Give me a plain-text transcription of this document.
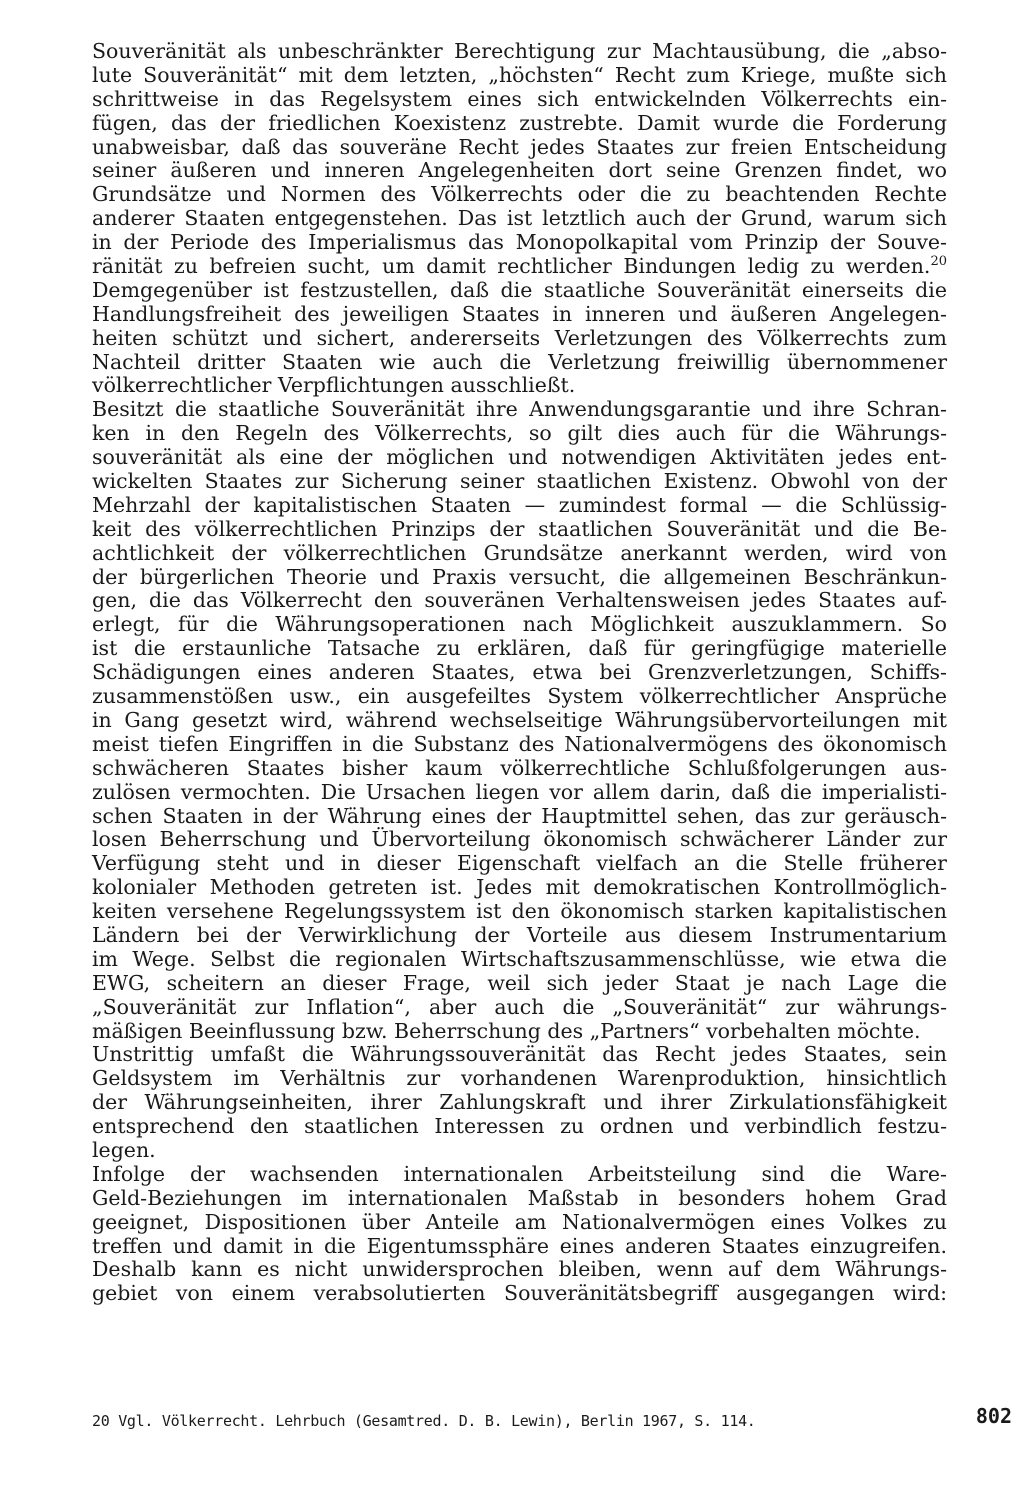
Souveränität als unbeschränkter Berechtigung zur Machtausübung, die „abso-
lute Souveränität“ mit dem letzten, „höchsten“ Recht zum Kriege, mußte sich
schrittweise in das Regelsystem eines sich entwickelnden Völkerrechts ein-
fügen, das der friedlichen Koexistenz zustrebte. Damit wurde die Forderung
unabweisbar, daß das souveräne Recht jedes Staates zur freien Entscheidung
seiner äußeren und inneren Angelegenheiten dort seine Grenzen findet, wo
Grundsätze und Normen des Völkerrechts oder die zu beachtenden Rechte
anderer Staaten entgegenstehen. Das ist letztlich auch der Grund, warum sich
in der Periode des Imperialismus das Monopolkapital vom Prinzip der Souve-
ränität zu befreien sucht, um damit rechtlicher Bindungen ledig zu werden.$^{20}$
Demgegenüber ist festzustellen, daß die staatliche Souveränität einerseits die
Handlungsfreiheit des jeweiligen Staates in inneren und äußeren Angelegen-
heiten schützt und sichert, andererseits Verletzungen des Völkerrechts zum
Nachteil dritter Staaten wie auch die Verletzung freiwillig übernommener
völkerrechtlicher Verpflichtungen ausschließt.
Besitzt die staatliche Souveränität ihre Anwendungsgarantie und ihre Schran-
ken in den Regeln des Völkerrechts, so gilt dies auch für die Währungs-
souveränität als eine der möglichen und notwendigen Aktivitäten jedes ent-
wickelten Staates zur Sicherung seiner staatlichen Existenz. Obwohl von der
Mehrzahl der kapitalistischen Staaten — zumindest formal — die Schlüssig-
keit des völkerrechtlichen Prinzips der staatlichen Souveränität und die Be-
achtlichkeit der völkerrechtlichen Grundsätze anerkannt werden, wird von
der bürgerlichen Theorie und Praxis versucht, die allgemeinen Beschränkun-
gen, die das Völkerrecht den souveränen Verhaltensweisen jedes Staates auf-
erlegt, für die Währungsoperationen nach Möglichkeit auszuklammern. So
ist die erstaunliche Tatsache zu erklären, daß für geringfügige materielle
Schädigungen eines anderen Staates, etwa bei Grenzverletzungen, Schiffs-
zusammenstößen usw., ein ausgefeiltes System völkerrechtlicher Ansprüche
in Gang gesetzt wird, während wechselseitige Währungsübervorteilungen mit
meist tiefen Eingriffen in die Substanz des Nationalvermögens des ökonomisch
schwächeren Staates bisher kaum völkerrechtliche Schlußfolgerungen aus-
zulösen vermochten. Die Ursachen liegen vor allem darin, daß die imperialisti-
schen Staaten in der Währung eines der Hauptmittel sehen, das zur geräusch-
losen Beherrschung und Übervorteilung ökonomisch schwächerer Länder zur
Verfügung steht und in dieser Eigenschaft vielfach an die Stelle früherer
kolonialer Methoden getreten ist. Jedes mit demokratischen Kontrollmöglich-
keiten versehene Regelungssystem ist den ökonomisch starken kapitalistischen
Ländern bei der Verwirklichung der Vorteile aus diesem Instrumentarium
im Wege. Selbst die regionalen Wirtschaftszusammenschlüsse, wie etwa die
EWG, scheitern an dieser Frage, weil sich jeder Staat je nach Lage die
„Souveränität zur Inflation“, aber auch die „Souveränität“ zur währungs-
mäßigen Beeinflussung bzw. Beherrschung des „Partners“ vorbehalten möchte.
Unstrittig umfaßt die Währungssouveränität das Recht jedes Staates, sein
Geldsystem im Verhältnis zur vorhandenen Warenproduktion, hinsichtlich
der Währungseinheiten, ihrer Zahlungskraft und ihrer Zirkulationsfähigkeit
entsprechend den staatlichen Interessen zu ordnen und verbindlich festzu-
legen.
Infolge der wachsenden internationalen Arbeitsteilung sind die Ware-
Geld-Beziehungen im internationalen Maßstab in besonders hohem Grad
geeignet, Dispositionen über Anteile am Nationalvermögen eines Volkes zu
treffen und damit in die Eigentumssphäre eines anderen Staates einzugreifen.
Deshalb kann es nicht unwidersprochen bleiben, wenn auf dem Währungs-
gebiet von einem verabsolutierten Souveränitätsbegriff ausgegangen wird:
20 Vgl. Völkerrecht. Lehrbuch (Gesamtred. D. B. Lewin), Berlin 1967, S. 114.	802
